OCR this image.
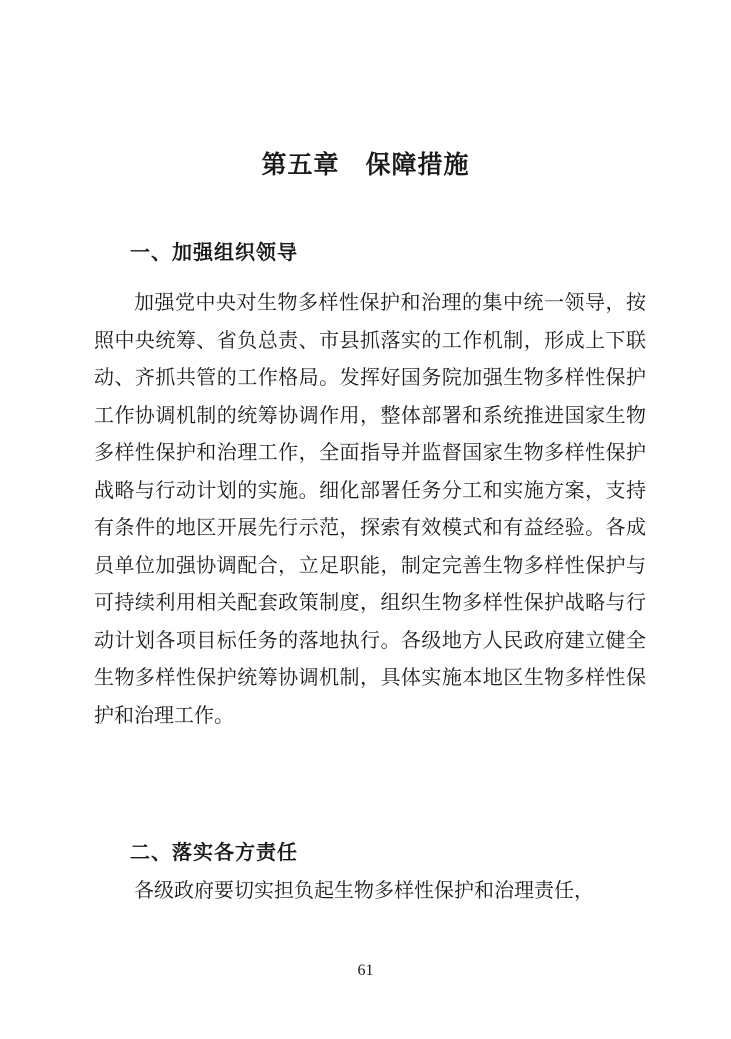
第五章　保障措施
一、加强组织领导

加强党中央对生物多样性保护和治理的集中统一领导，按照中央统筹、省负总责、市县抓落实的工作机制，形成上下联动、齐抓共管的工作格局。发挥好国务院加强生物多样性保护工作协调机制的统筹协调作用，整体部署和系统推进国家生物多样性保护和治理工作，全面指导并监督国家生物多样性保护战略与行动计划的实施。细化部署任务分工和实施方案，支持有条件的地区开展先行示范，探索有效模式和有益经验。各成员单位加强协调配合，立足职能，制定完善生物多样性保护与可持续利用相关配套政策制度，组织生物多样性保护战略与行动计划各项目标任务的落地执行。各级地方人民政府建立健全生物多样性保护统筹协调机制，具体实施本地区生物多样性保护和治理工作。

二、落实各方责任

各级政府要切实担负起生物多样性保护和治理责任，

61
